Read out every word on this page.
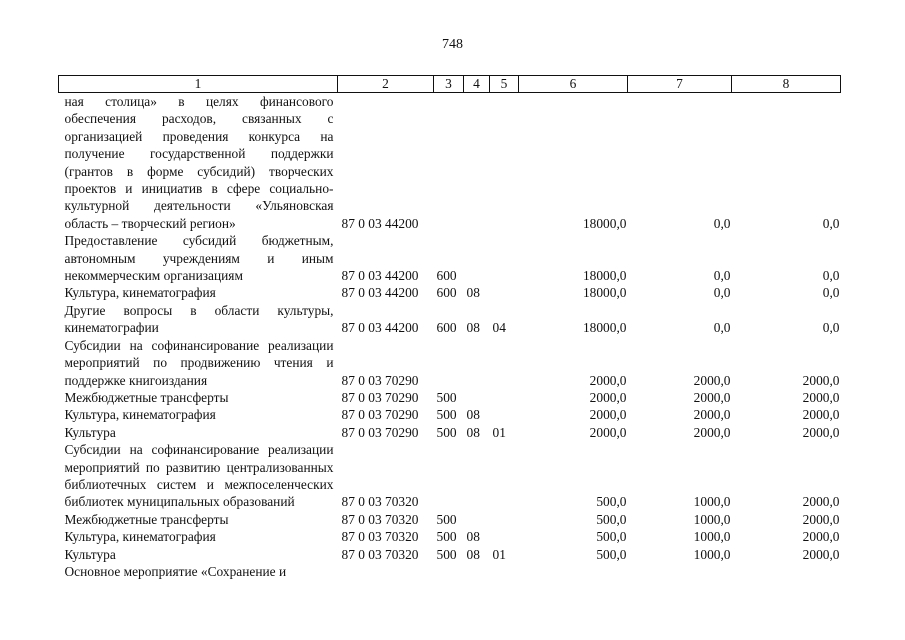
748
1	2	3	4	5	6	7	8
ная столица» в целях финансового обеспечения расходов, связанных с организацией проведения конкурса на получение государственной поддержки (грантов в форме субсидий) творческих проектов и инициатив в сфере социально-культурной деятельности «Ульяновская область – творческий регион»	87 0 03 44200				18000,0	0,0	0,0
Предоставление субсидий бюджетным, автономным учреждениям и иным некоммерческим организациям	87 0 03 44200	600			18000,0	0,0	0,0
Культура, кинематография	87 0 03 44200	600	08		18000,0	0,0	0,0
Другие вопросы в области культуры, кинематографии	87 0 03 44200	600	08	04	18000,0	0,0	0,0
Субсидии на софинансирование реализации мероприятий по продвижению чтения и поддержке книгоиздания	87 0 03 70290				2000,0	2000,0	2000,0
Межбюджетные трансферты	87 0 03 70290	500			2000,0	2000,0	2000,0
Культура, кинематография	87 0 03 70290	500	08		2000,0	2000,0	2000,0
Культура	87 0 03 70290	500	08	01	2000,0	2000,0	2000,0
Субсидии на софинансирование реализации мероприятий по развитию централизованных библиотечных систем и межпоселенческих библиотек муниципальных образований	87 0 03 70320				500,0	1000,0	2000,0
Межбюджетные трансферты	87 0 03 70320	500			500,0	1000,0	2000,0
Культура, кинематография	87 0 03 70320	500	08		500,0	1000,0	2000,0
Культура	87 0 03 70320	500	08	01	500,0	1000,0	2000,0
Основное мероприятие «Сохранение и							
